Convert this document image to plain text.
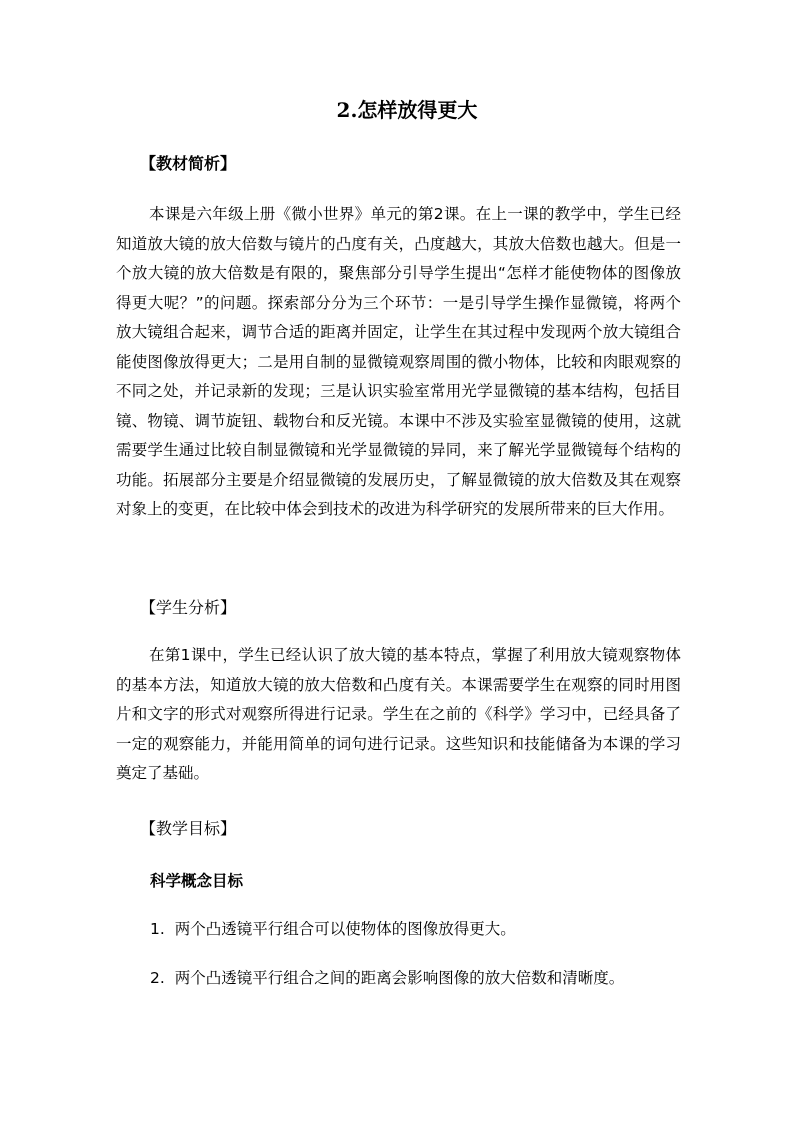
2.怎样放得更大
【教材简析】

本课是六年级上册《微小世界》单元的第2课。在上一课的教学中，学生已经知道放大镜的放大倍数与镜片的凸度有关，凸度越大，其放大倍数也越大。但是一个放大镜的放大倍数是有限的，聚焦部分引导学生提出“怎样才能使物体的图像放得更大呢？”的问题。探索部分分为三个环节：一是引导学生操作显微镜，将两个放大镜组合起来，调节合适的距离并固定，让学生在其过程中发现两个放大镜组合能使图像放得更大；二是用自制的显微镜观察周围的微小物体，比较和肉眼观察的不同之处，并记录新的发现；三是认识实验室常用光学显微镜的基本结构，包括目镜、物镜、调节旋钮、载物台和反光镜。本课中不涉及实验室显微镜的使用，这就需要学生通过比较自制显微镜和光学显微镜的异同，来了解光学显微镜每个结构的功能。拓展部分主要是介绍显微镜的发展历史，了解显微镜的放大倍数及其在观察对象上的变更，在比较中体会到技术的改进为科学研究的发展所带来的巨大作用。

【学生分析】

在第1课中，学生已经认识了放大镜的基本特点，掌握了利用放大镜观察物体的基本方法，知道放大镜的放大倍数和凸度有关。本课需要学生在观察的同时用图片和文字的形式对观察所得进行记录。学生在之前的《科学》学习中，已经具备了一定的观察能力，并能用简单的词句进行记录。这些知识和技能储备为本课的学习奠定了基础。

【教学目标】
科学概念目标
1. 两个凸透镜平行组合可以使物体的图像放得更大。
2. 两个凸透镜平行组合之间的距离会影响图像的放大倍数和清晰度。
